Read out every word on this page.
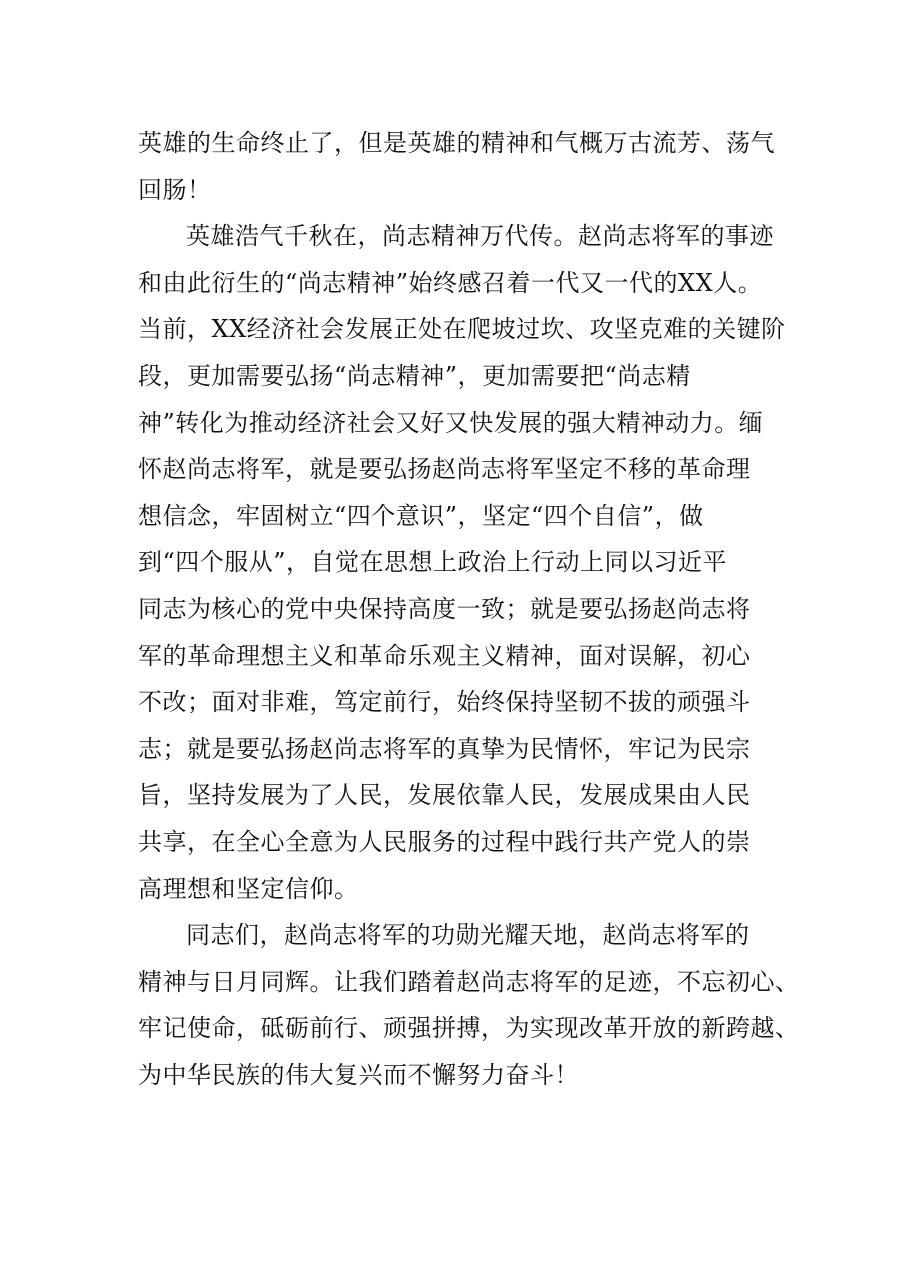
英雄的生命终止了，但是英雄的精神和气概万古流芳、荡气
回肠！
英雄浩气千秋在，尚志精神万代传。赵尚志将军的事迹
和由此衍生的“尚志精神”始终感召着一代又一代的XX人。
当前，XX经济社会发展正处在爬坡过坎、攻坚克难的关键阶
段，更加需要弘扬“尚志精神”，更加需要把“尚志精
神”转化为推动经济社会又好又快发展的强大精神动力。缅
怀赵尚志将军，就是要弘扬赵尚志将军坚定不移的革命理
想信念，牢固树立“四个意识”，坚定“四个自信”，做
到“四个服从”，自觉在思想上政治上行动上同以习近平
同志为核心的党中央保持高度一致；就是要弘扬赵尚志将
军的革命理想主义和革命乐观主义精神，面对误解，初心
不改；面对非难，笃定前行，始终保持坚韧不拔的顽强斗
志；就是要弘扬赵尚志将军的真挚为民情怀，牢记为民宗
旨，坚持发展为了人民，发展依靠人民，发展成果由人民
共享，在全心全意为人民服务的过程中践行共产党人的崇
高理想和坚定信仰。
同志们，赵尚志将军的功勋光耀天地，赵尚志将军的
精神与日月同辉。让我们踏着赵尚志将军的足迹，不忘初心、
牢记使命，砥砺前行、顽强拼搏，为实现改革开放的新跨越、
为中华民族的伟大复兴而不懈努力奋斗！
